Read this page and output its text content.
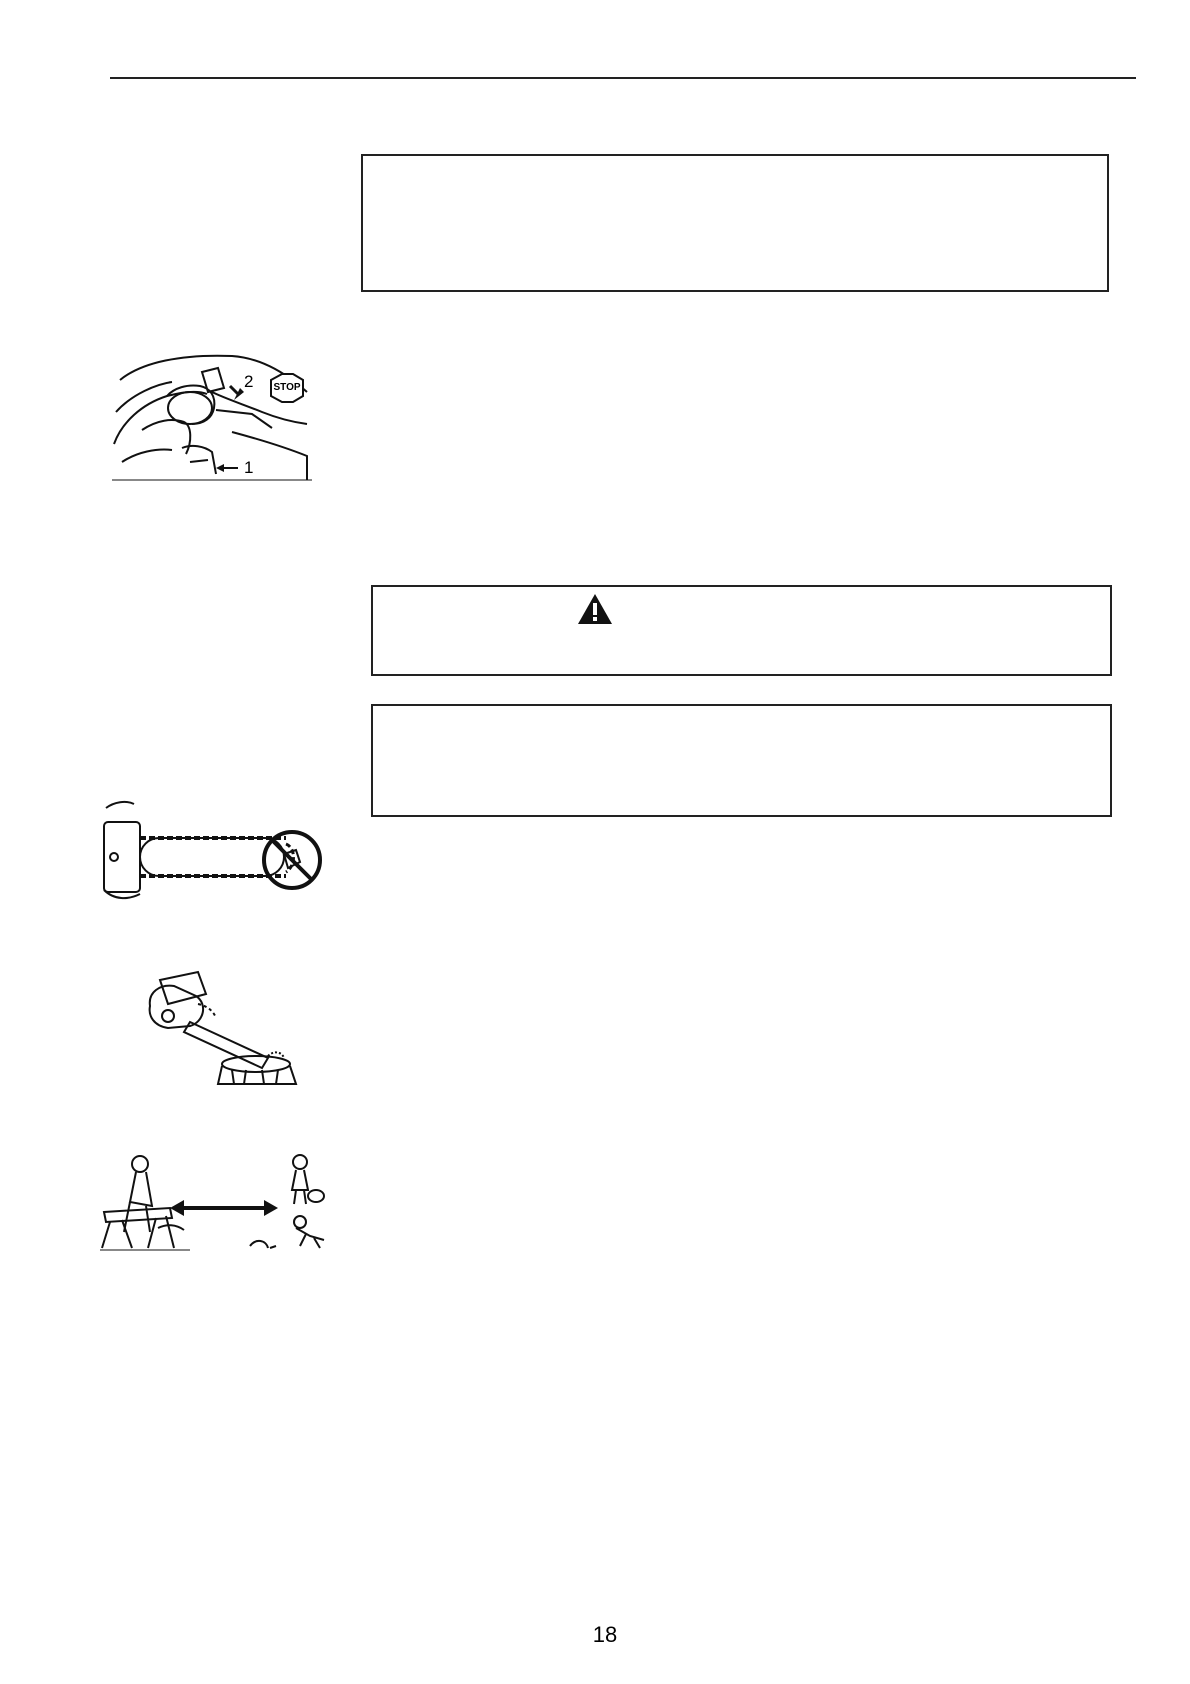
2
1
STOP
18
